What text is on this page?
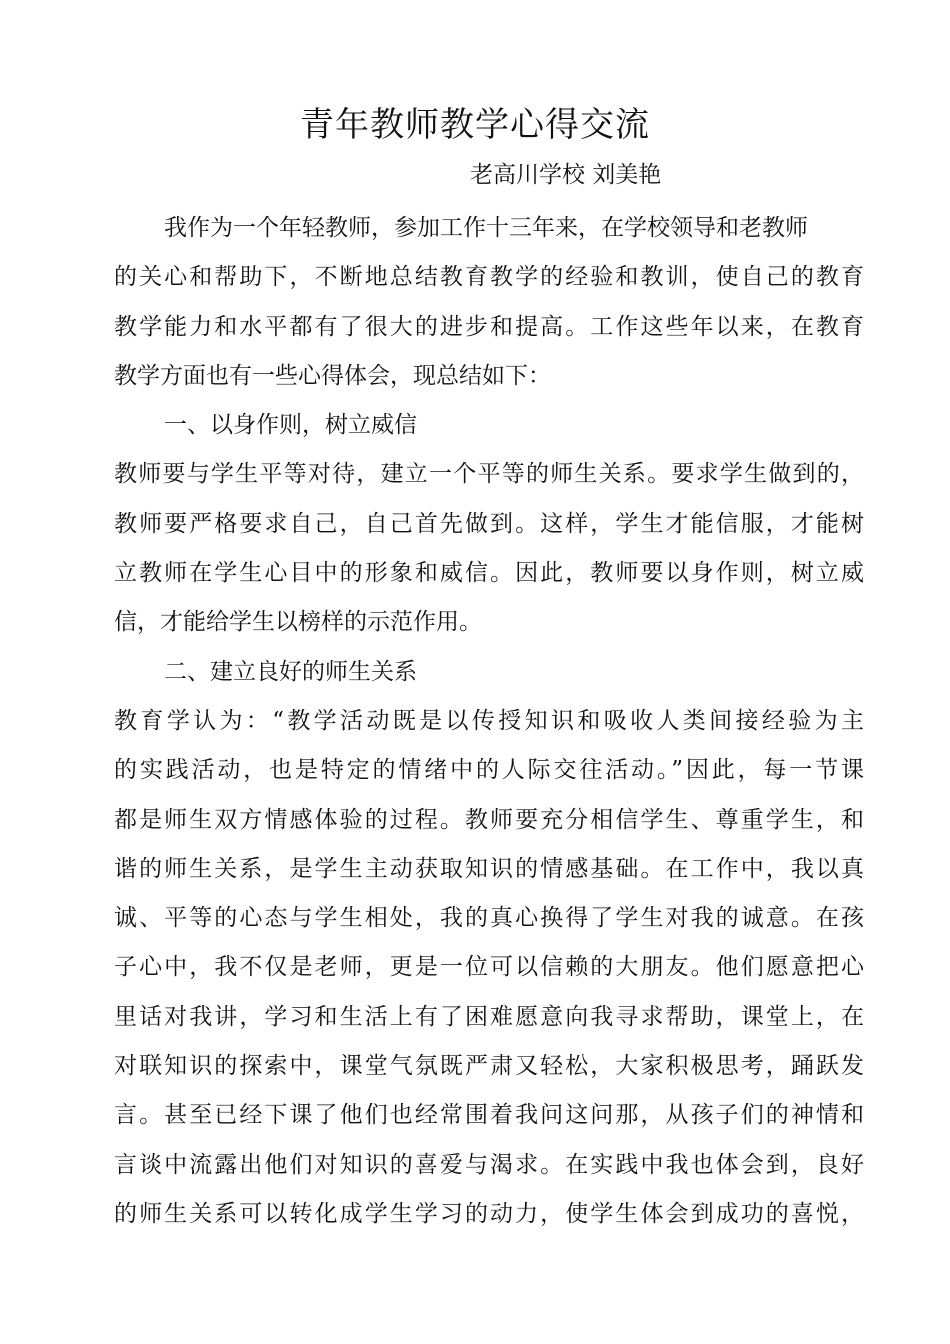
青年教师教学心得交流
老高川学校 刘美艳
我作为一个年轻教师，参加工作十三年来，在学校领导和老教师
的关心和帮助下，不断地总结教育教学的经验和教训，使自己的教育
教学能力和水平都有了很大的进步和提高。工作这些年以来，在教育
教学方面也有一些心得体会，现总结如下：
一、以身作则，树立威信
教师要与学生平等对待，建立一个平等的师生关系。要求学生做到的，
教师要严格要求自己，自己首先做到。这样，学生才能信服，才能树
立教师在学生心目中的形象和威信。因此，教师要以身作则，树立威
信，才能给学生以榜样的示范作用。
二、建立良好的师生关系
教育学认为：“教学活动既是以传授知识和吸收人类间接经验为主
的实践活动，也是特定的情绪中的人际交往活动。”因此，每一节课
都是师生双方情感体验的过程。教师要充分相信学生、尊重学生，和
谐的师生关系，是学生主动获取知识的情感基础。在工作中，我以真
诚、平等的心态与学生相处，我的真心换得了学生对我的诚意。在孩
子心中，我不仅是老师，更是一位可以信赖的大朋友。他们愿意把心
里话对我讲，学习和生活上有了困难愿意向我寻求帮助，课堂上，在
对联知识的探索中，课堂气氛既严肃又轻松，大家积极思考，踊跃发
言。甚至已经下课了他们也经常围着我问这问那，从孩子们的神情和
言谈中流露出他们对知识的喜爱与渴求。在实践中我也体会到，良好
的师生关系可以转化成学生学习的动力，使学生体会到成功的喜悦，
